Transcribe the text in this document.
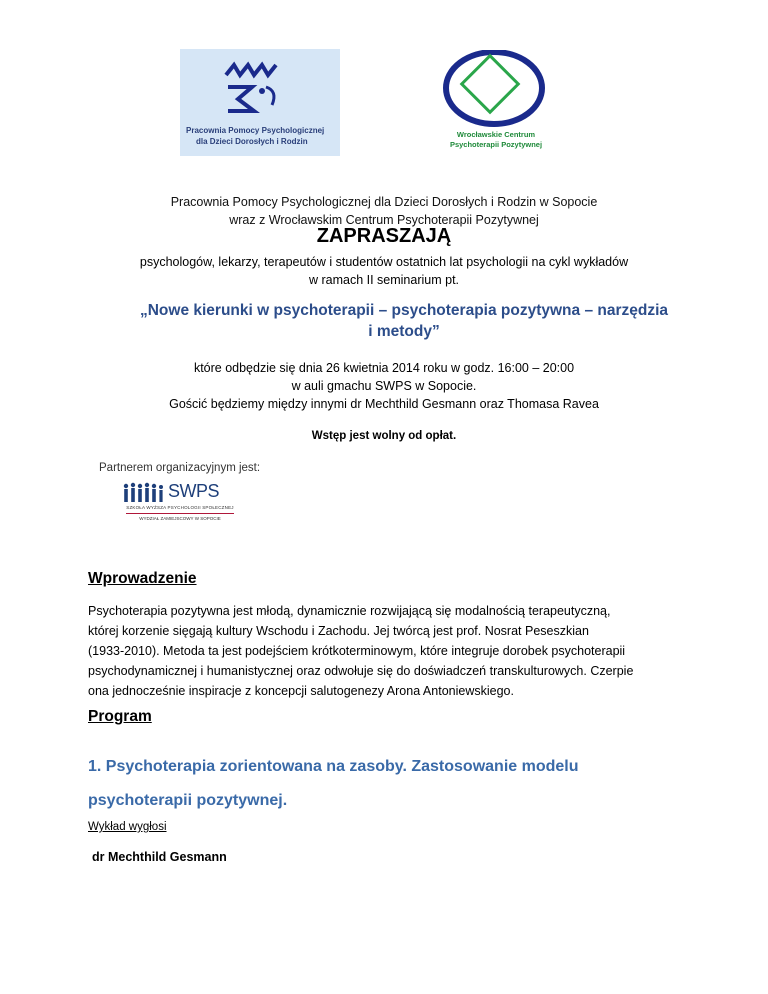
Pracownia Pomocy Psychologicznej
dla Dzieci Dorosłych i Rodzin
Wrocławskie Centrum
Psychoterapii Pozytywnej
Pracownia Pomocy Psychologicznej dla Dzieci Dorosłych i Rodzin w Sopocie
wraz z Wrocławskim Centrum Psychoterapii Pozytywnej
ZAPRASZAJĄ
psychologów, lekarzy, terapeutów i studentów ostatnich lat psychologii na cykl wykładów
w ramach II seminarium pt.
„Nowe kierunki w psychoterapii – psychoterapia pozytywna – narzędzia
i metody”
które odbędzie się dnia 26 kwietnia 2014 roku w godz. 16:00 – 20:00
w auli gmachu SWPS w Sopocie.
Gościć będziemy między innymi dr Mechthild Gesmann oraz Thomasa Ravea
Wstęp jest wolny od opłat.
Partnerem organizacyjnym jest:
SWPS
SZKOŁA WYŻSZA PSYCHOLOGII SPOŁECZNEJ
WYDZIAŁ ZAMIEJSCOWY W SOPOCIE
Wprowadzenie
Psychoterapia pozytywna jest młodą, dynamicznie rozwijającą się modalnością terapeutyczną,
której korzenie sięgają kultury Wschodu i Zachodu. Jej twórcą jest prof. Nosrat Peseszkian
(1933-2010). Metoda ta jest podejściem krótkoterminowym, które integruje dorobek psychoterapii
psychodynamicznej i humanistycznej oraz odwołuje się do doświadczeń transkulturowych. Czerpie
ona jednocześnie inspiracje z koncepcji salutogenezy Arona Antoniewskiego.
Program
1. Psychoterapia zorientowana na zasoby. Zastosowanie modelu
psychoterapii pozytywnej.
Wykład wygłosi
dr Mechthild Gesmann
